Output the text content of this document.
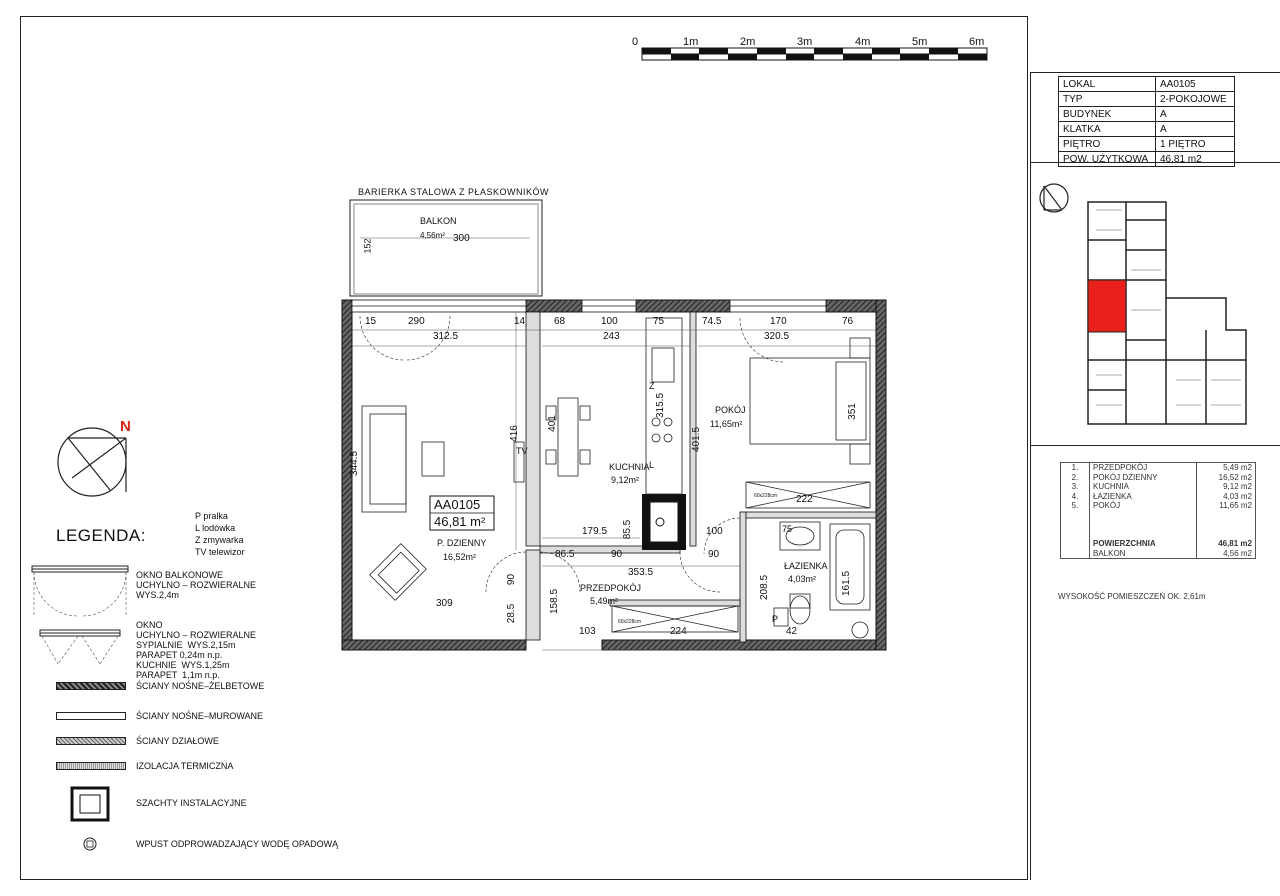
0	1m	2m	3m	4m	5m	6m
LOKAL	AA0105
TYP	2-POKOJOWE
BUDYNEK	A
KLATKA	A
PIĘTRO	1 PIĘTRO
POW. UŻYTKOWA	46,81 m2
1.	PRZEDPOKÓJ	5,49 m2
2.	POKÓJ DZIENNY	16,52 m2
3.	KUCHNIA	9,12 m2
4.	ŁAZIENKA	4,03 m2
5.	POKÓJ	11,65 m2

	POWIERZCHNIA	46,81 m2
	BALKON	4,56 m2
WYSOKOŚĆ POMIESZCZEŃ OK. 2,61m
BARIERKA STALOWA Z PŁASKOWNIKÓW
BALKON
4,56m² 300
152
290
312.5
14	68	100
243
75	74.5	170
320.5
76
416
401
315.5
401.5
351
344.5
179.5 85.5	100
222
86.5	90	90
353.5
158.5
103	224
208.5	161.5
42
309
28.5
90
15
75
AA0105
46,81 m²
P. DZIENNY
16,52m²
KUCHNIA
9,12m²
POKÓJ
11,65m²
PRZEDPOKÓJ
5,49m²
ŁAZIENKA
4,03m²
TV
L
Z
P
60x228cm
60x228cm
N
LEGENDA:
P pralka
L lodówka
Z zmywarka
TV telewizor
OKNO BALKONOWE
UCHYLNO – ROZWIERALNE
WYS.2,4m
OKNO
UCHYLNO – ROZWIERALNE
SYPIALNIE  WYS.2,15m
PARAPET 0,24m n.p.
KUCHNIE  WYS.1,25m
PARAPET  1,1m n.p.
ŚCIANY NOŚNE–ŻELBETOWE
ŚCIANY NOŚNE–MUROWANE
ŚCIANY DZIAŁOWE
IZOLACJA TERMICZNA
SZACHTY INSTALACYJNE
WPUST ODPROWADZAJĄCY WODĘ OPADOWĄ
